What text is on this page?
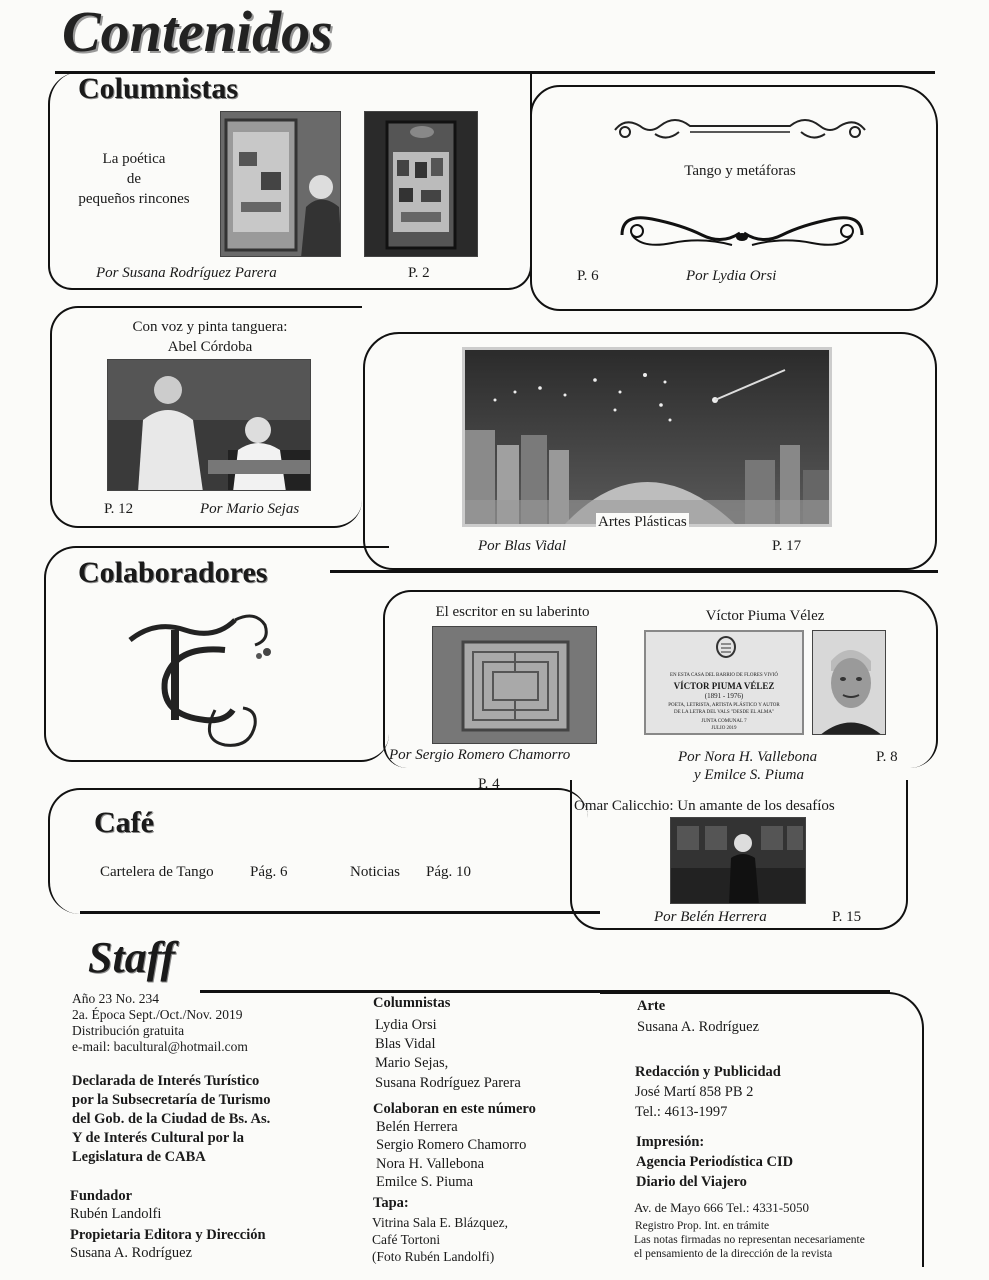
Contenidos
Columnistas
La poética
de
pequeños rincones
Por Susana Rodríguez Parera	P. 2
Tango y metáforas
P. 6	Por Lydia Orsi
Con voz y pinta tanguera:
Abel Córdoba
P. 12	Por Mario Sejas
Artes Plásticas
Por Blas Vidal	P. 17
Colaboradores
El escritor en su laberinto
Por Sergio Romero Chamorro
P. 4
Víctor Piuma Vélez
EN ESTA CASA DEL BARRIO DE FLORES VIVIÓ
VÍCTOR PIUMA VÉLEZ
(1891 - 1976)
POETA, LETRISTA, ARTISTA PLÁSTICO Y AUTOR
DE LA LETRA DEL VALS "DESDE EL ALMA"
JUNTA COMUNAL 7
JULIO 2019
Por Nora H. Vallebona
y Emilce S. Piuma
P. 8
Café
Cartelera de Tango Pág. 6	Noticias Pág. 10
Omar Calicchio: Un amante de los desafíos
Por Belén Herrera	P. 15
Staff
Año 23 No. 234
2a. Época Sept./Oct./Nov. 2019
Distribución gratuita
e-mail: bacultural@hotmail.com
Declarada de Interés Turístico
por la Subsecretaría de Turismo
del Gob. de la Ciudad de Bs. As.
Y de Interés Cultural por la
Legislatura de CABA
Fundador
Rubén Landolfi
Propietaria Editora y Dirección
Susana A. Rodríguez
Columnistas
Lydia Orsi
Blas Vidal
Mario Sejas,
Susana Rodríguez Parera
Colaboran en este número
Belén Herrera
Sergio Romero Chamorro
Nora H. Vallebona
Emilce S. Piuma
Tapa:
Vitrina Sala E. Blázquez,
Café Tortoni
(Foto Rubén Landolfi)
Arte
Susana A. Rodríguez
Redacción y Publicidad
José Martí 858 PB 2
Tel.: 4613-1997
Impresión:
Agencia Periodística CID
Diario del Viajero
Av. de Mayo 666 Tel.: 4331-5050
Registro Prop. Int. en trámite
Las notas firmadas no representan necesariamente
el pensamiento de la dirección de la revista
